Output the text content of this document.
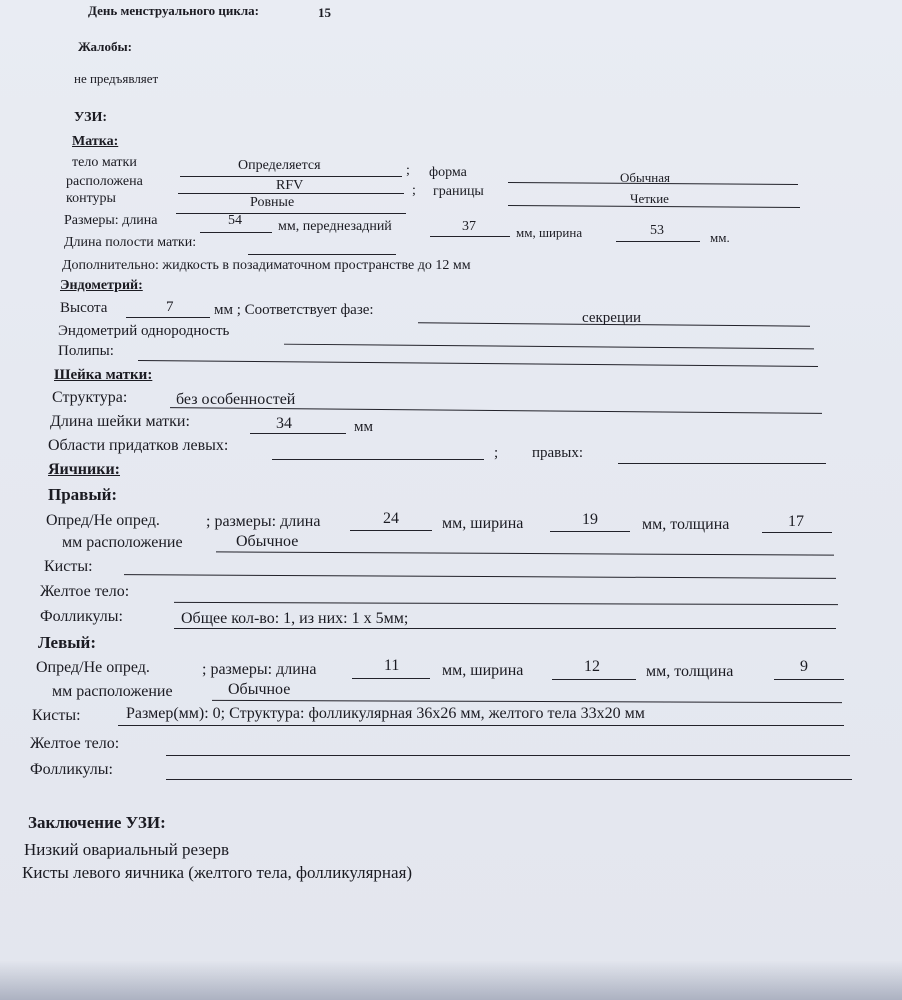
День менструального цикла:	15
Жалобы:
не предъявляет
УЗИ:
Матка:
тело матки	Определяется	; форма	Обычная
расположена	RFV	; границы	Четкие
контуры	Ровные
Размеры: длина	54	мм, переднезадний	37	мм, ширина	53	мм.
Длина полости матки:
Дополнительно: жидкость в позадиматочном пространстве до 12 мм
Эндометрий:
Высота	7	мм ; Соответствует фазе:	секреции
Эндометрий однородность
Полипы:
Шейка матки:
Структура:	без особенностей
Длина шейки матки:	34	мм
Области придатков левых:	; правых:
Яичники:
Правый:
Опред/Не опред.	; размеры: длина	24	мм, ширина	19	мм, толщина	17
мм расположение	Обычное
Кисты:
Желтое тело:
Фолликулы:	Общее кол-во: 1, из них: 1 х 5мм;
Левый:
Опред/Не опред.	; размеры: длина	11	мм, ширина	12	мм, толщина	9
мм расположение	Обычное
Кисты:	Размер(мм): 0; Структура: фолликулярная 36х26 мм, желтого тела 33х20 мм
Желтое тело:
Фолликулы:
Заключение УЗИ:
Низкий овариальный резерв
Кисты левого яичника (желтого тела, фолликулярная)
